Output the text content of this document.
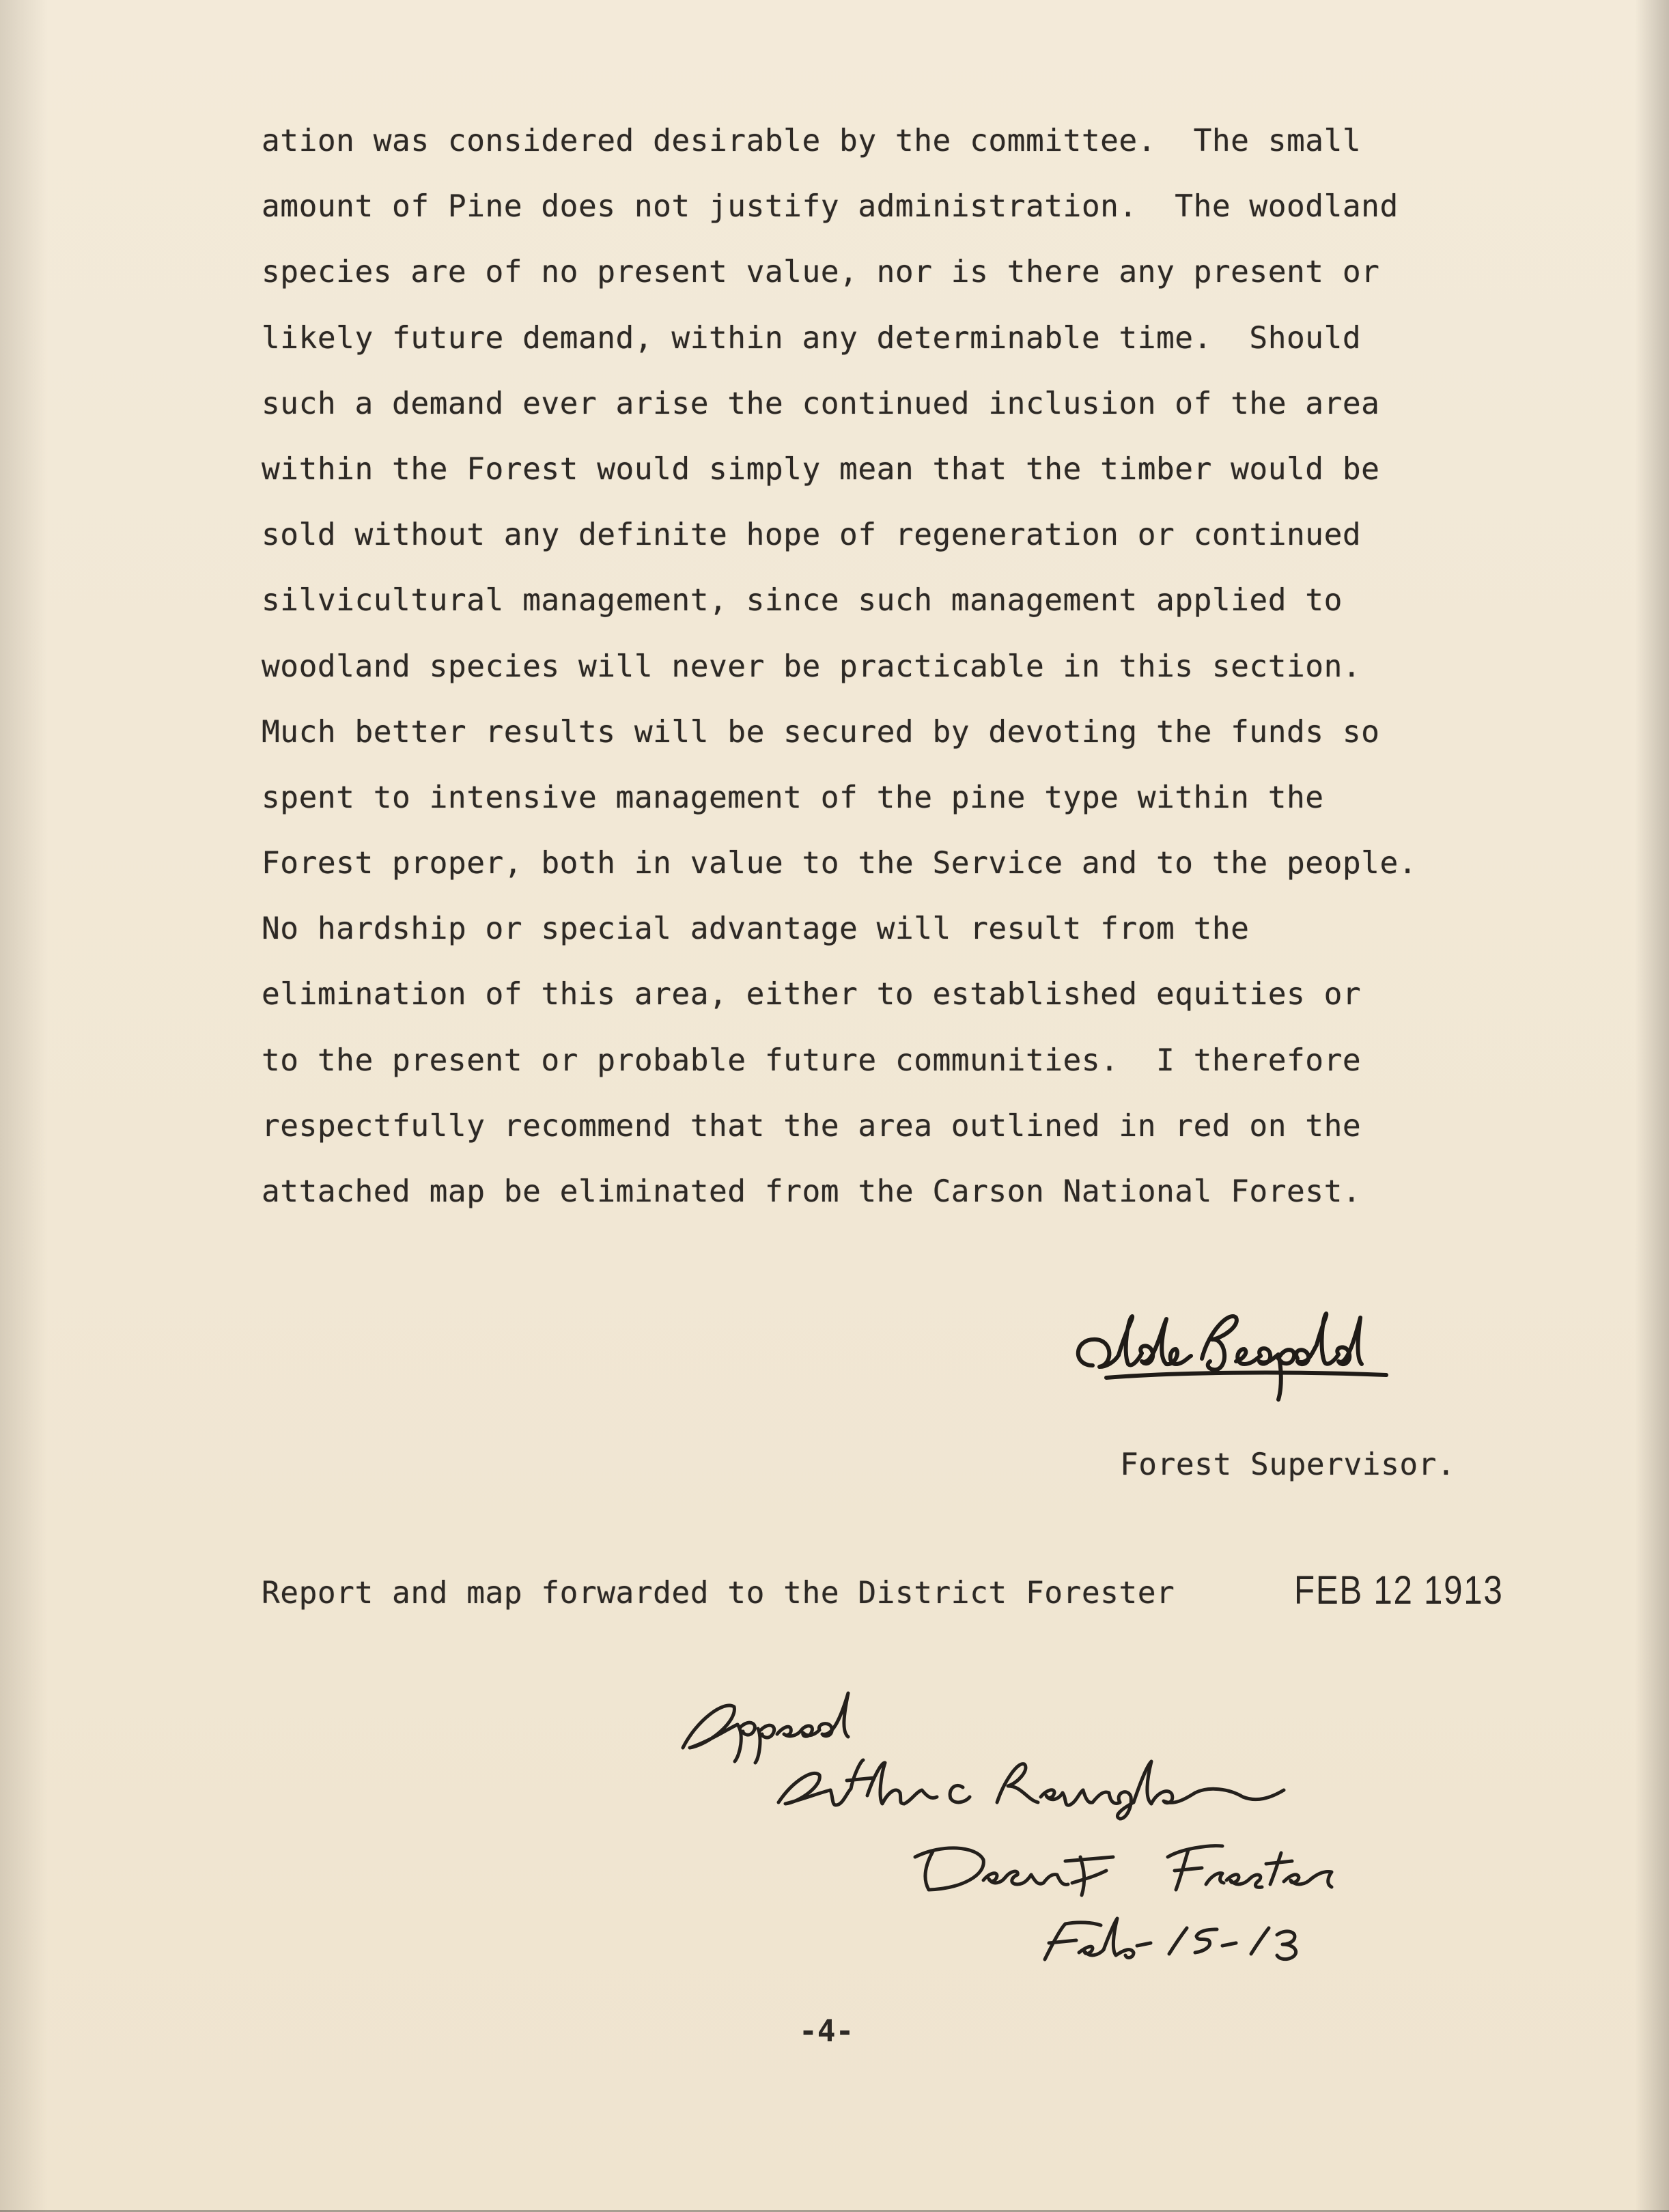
ation was considered desirable by the committee.  The small
amount of Pine does not justify administration.  The woodland
species are of no present value, nor is there any present or
likely future demand, within any determinable time.  Should
such a demand ever arise the continued inclusion of the area
within the Forest would simply mean that the timber would be
sold without any definite hope of regeneration or continued
silvicultural management, since such management applied to
woodland species will never be practicable in this section.
Much better results will be secured by devoting the funds so
spent to intensive management of the pine type within the
Forest proper, both in value to the Service and to the people.
No hardship or special advantage will result from the
elimination of this area, either to established equities or
to the present or probable future communities.  I therefore
respectfully recommend that the area outlined in red on the
attached map be eliminated from the Carson National Forest.
Forest Supervisor.
Report and map forwarded to the District Forester	FEB 12 1913
-4-
